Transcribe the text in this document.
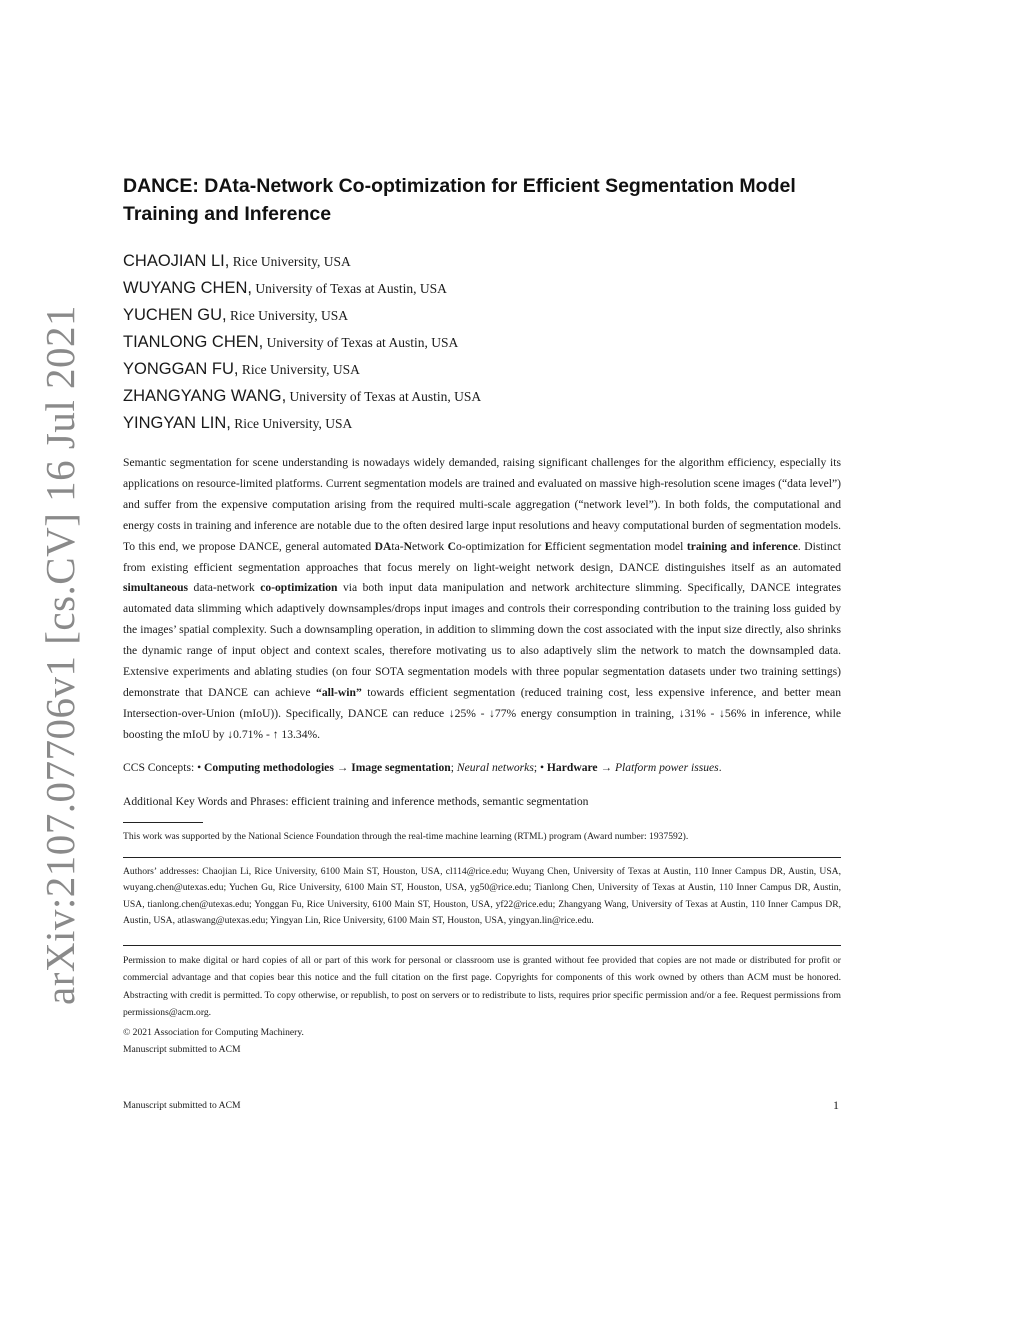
arXiv:2107.07706v1 [cs.CV] 16 Jul 2021
DANCE: DAta-Network Co-optimization for Efficient Segmentation Model Training and Inference
CHAOJIAN LI, Rice University, USA
WUYANG CHEN, University of Texas at Austin, USA
YUCHEN GU, Rice University, USA
TIANLONG CHEN, University of Texas at Austin, USA
YONGGAN FU, Rice University, USA
ZHANGYANG WANG, University of Texas at Austin, USA
YINGYAN LIN, Rice University, USA

Semantic segmentation for scene understanding is nowadays widely demanded, raising significant challenges for the algorithm efficiency, especially its applications on resource-limited platforms. Current segmentation models are trained and evaluated on massive high-resolution scene images (“data level”) and suffer from the expensive computation arising from the required multi-scale aggregation (“network level”). In both folds, the computational and energy costs in training and inference are notable due to the often desired large input resolutions and heavy computational burden of segmentation models. To this end, we propose DANCE, general automated DAta-Network Co-optimization for Efficient segmentation model training and inference. Distinct from existing efficient segmentation approaches that focus merely on light-weight network design, DANCE distinguishes itself as an automated simultaneous data-network co-optimization via both input data manipulation and network architecture slimming. Specifically, DANCE integrates automated data slimming which adaptively downsamples/drops input images and controls their corresponding contribution to the training loss guided by the images’ spatial complexity. Such a downsampling operation, in addition to slimming down the cost associated with the input size directly, also shrinks the dynamic range of input object and context scales, therefore motivating us to also adaptively slim the network to match the downsampled data. Extensive experiments and ablating studies (on four SOTA segmentation models with three popular segmentation datasets under two training settings) demonstrate that DANCE can achieve “all-win” towards efficient segmentation (reduced training cost, less expensive inference, and better mean Intersection-over-Union (mIoU)). Specifically, DANCE can reduce ↓25% - ↓77% energy consumption in training, ↓31% - ↓56% in inference, while boosting the mIoU by ↓0.71% - ↑ 13.34%.

CCS Concepts: • Computing methodologies → Image segmentation; Neural networks; • Hardware → Platform power issues.

Additional Key Words and Phrases: efficient training and inference methods, semantic segmentation

This work was supported by the National Science Foundation through the real-time machine learning (RTML) program (Award number: 1937592).

Authors’ addresses: Chaojian Li, Rice University, 6100 Main ST, Houston, USA, cl114@rice.edu; Wuyang Chen, University of Texas at Austin, 110 Inner Campus DR, Austin, USA, wuyang.chen@utexas.edu; Yuchen Gu, Rice University, 6100 Main ST, Houston, USA, yg50@rice.edu; Tianlong Chen, University of Texas at Austin, 110 Inner Campus DR, Austin, USA, tianlong.chen@utexas.edu; Yonggan Fu, Rice University, 6100 Main ST, Houston, USA, yf22@rice.edu; Zhangyang Wang, University of Texas at Austin, 110 Inner Campus DR, Austin, USA, atlaswang@utexas.edu; Yingyan Lin, Rice University, 6100 Main ST, Houston, USA, yingyan.lin@rice.edu.

Permission to make digital or hard copies of all or part of this work for personal or classroom use is granted without fee provided that copies are not made or distributed for profit or commercial advantage and that copies bear this notice and the full citation on the first page. Copyrights for components of this work owned by others than ACM must be honored. Abstracting with credit is permitted. To copy otherwise, or republish, to post on servers or to redistribute to lists, requires prior specific permission and/or a fee. Request permissions from permissions@acm.org.

© 2021 Association for Computing Machinery.
Manuscript submitted to ACM
Manuscript submitted to ACM	1
